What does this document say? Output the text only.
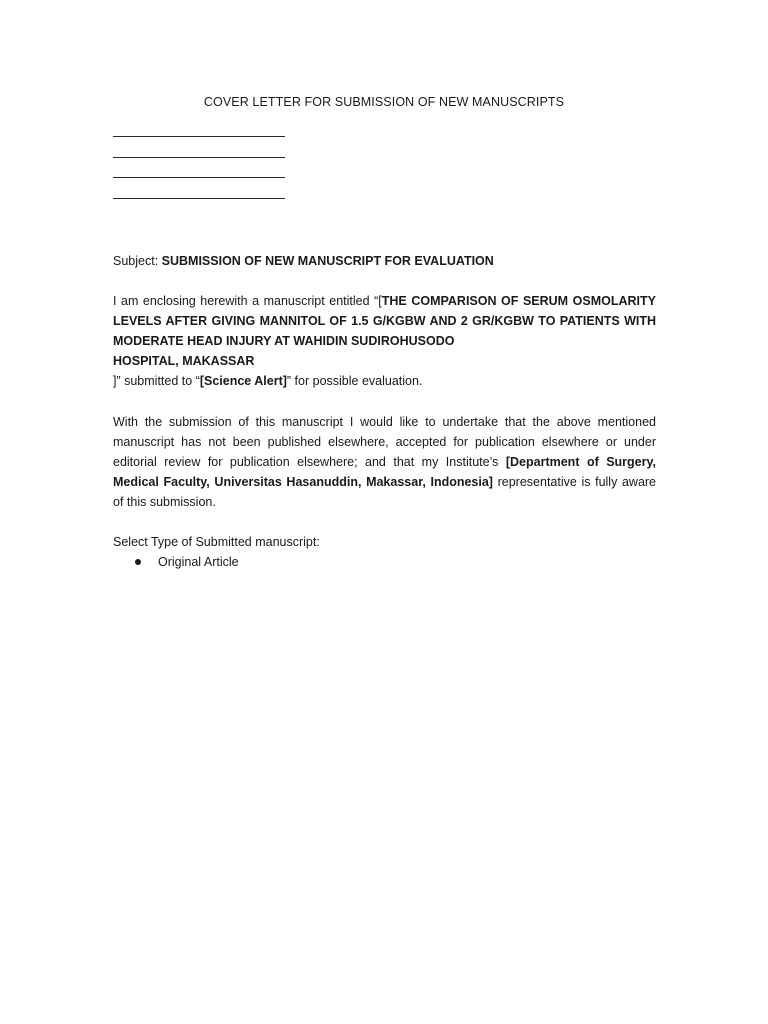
COVER LETTER FOR SUBMISSION OF NEW MANUSCRIPTS
Subject: SUBMISSION OF NEW MANUSCRIPT FOR EVALUATION
I am enclosing herewith a manuscript entitled “[THE COMPARISON OF SERUM OSMOLARITY LEVELS AFTER GIVING MANNITOL OF 1.5 G/KGBW AND 2 GR/KGBW TO PATIENTS WITH MODERATE HEAD INJURY AT WAHIDIN SUDIROHUSODO
HOSPITAL, MAKASSAR
]” submitted to “[Science Alert]” for possible evaluation.
With the submission of this manuscript I would like to undertake that the above mentioned manuscript has not been published elsewhere, accepted for publication elsewhere or under editorial review for publication elsewhere; and that my Institute’s [Department of Surgery, Medical Faculty, Universitas Hasanuddin, Makassar, Indonesia] representative is fully aware of this submission.
Select Type of Submitted manuscript:
Original Article
